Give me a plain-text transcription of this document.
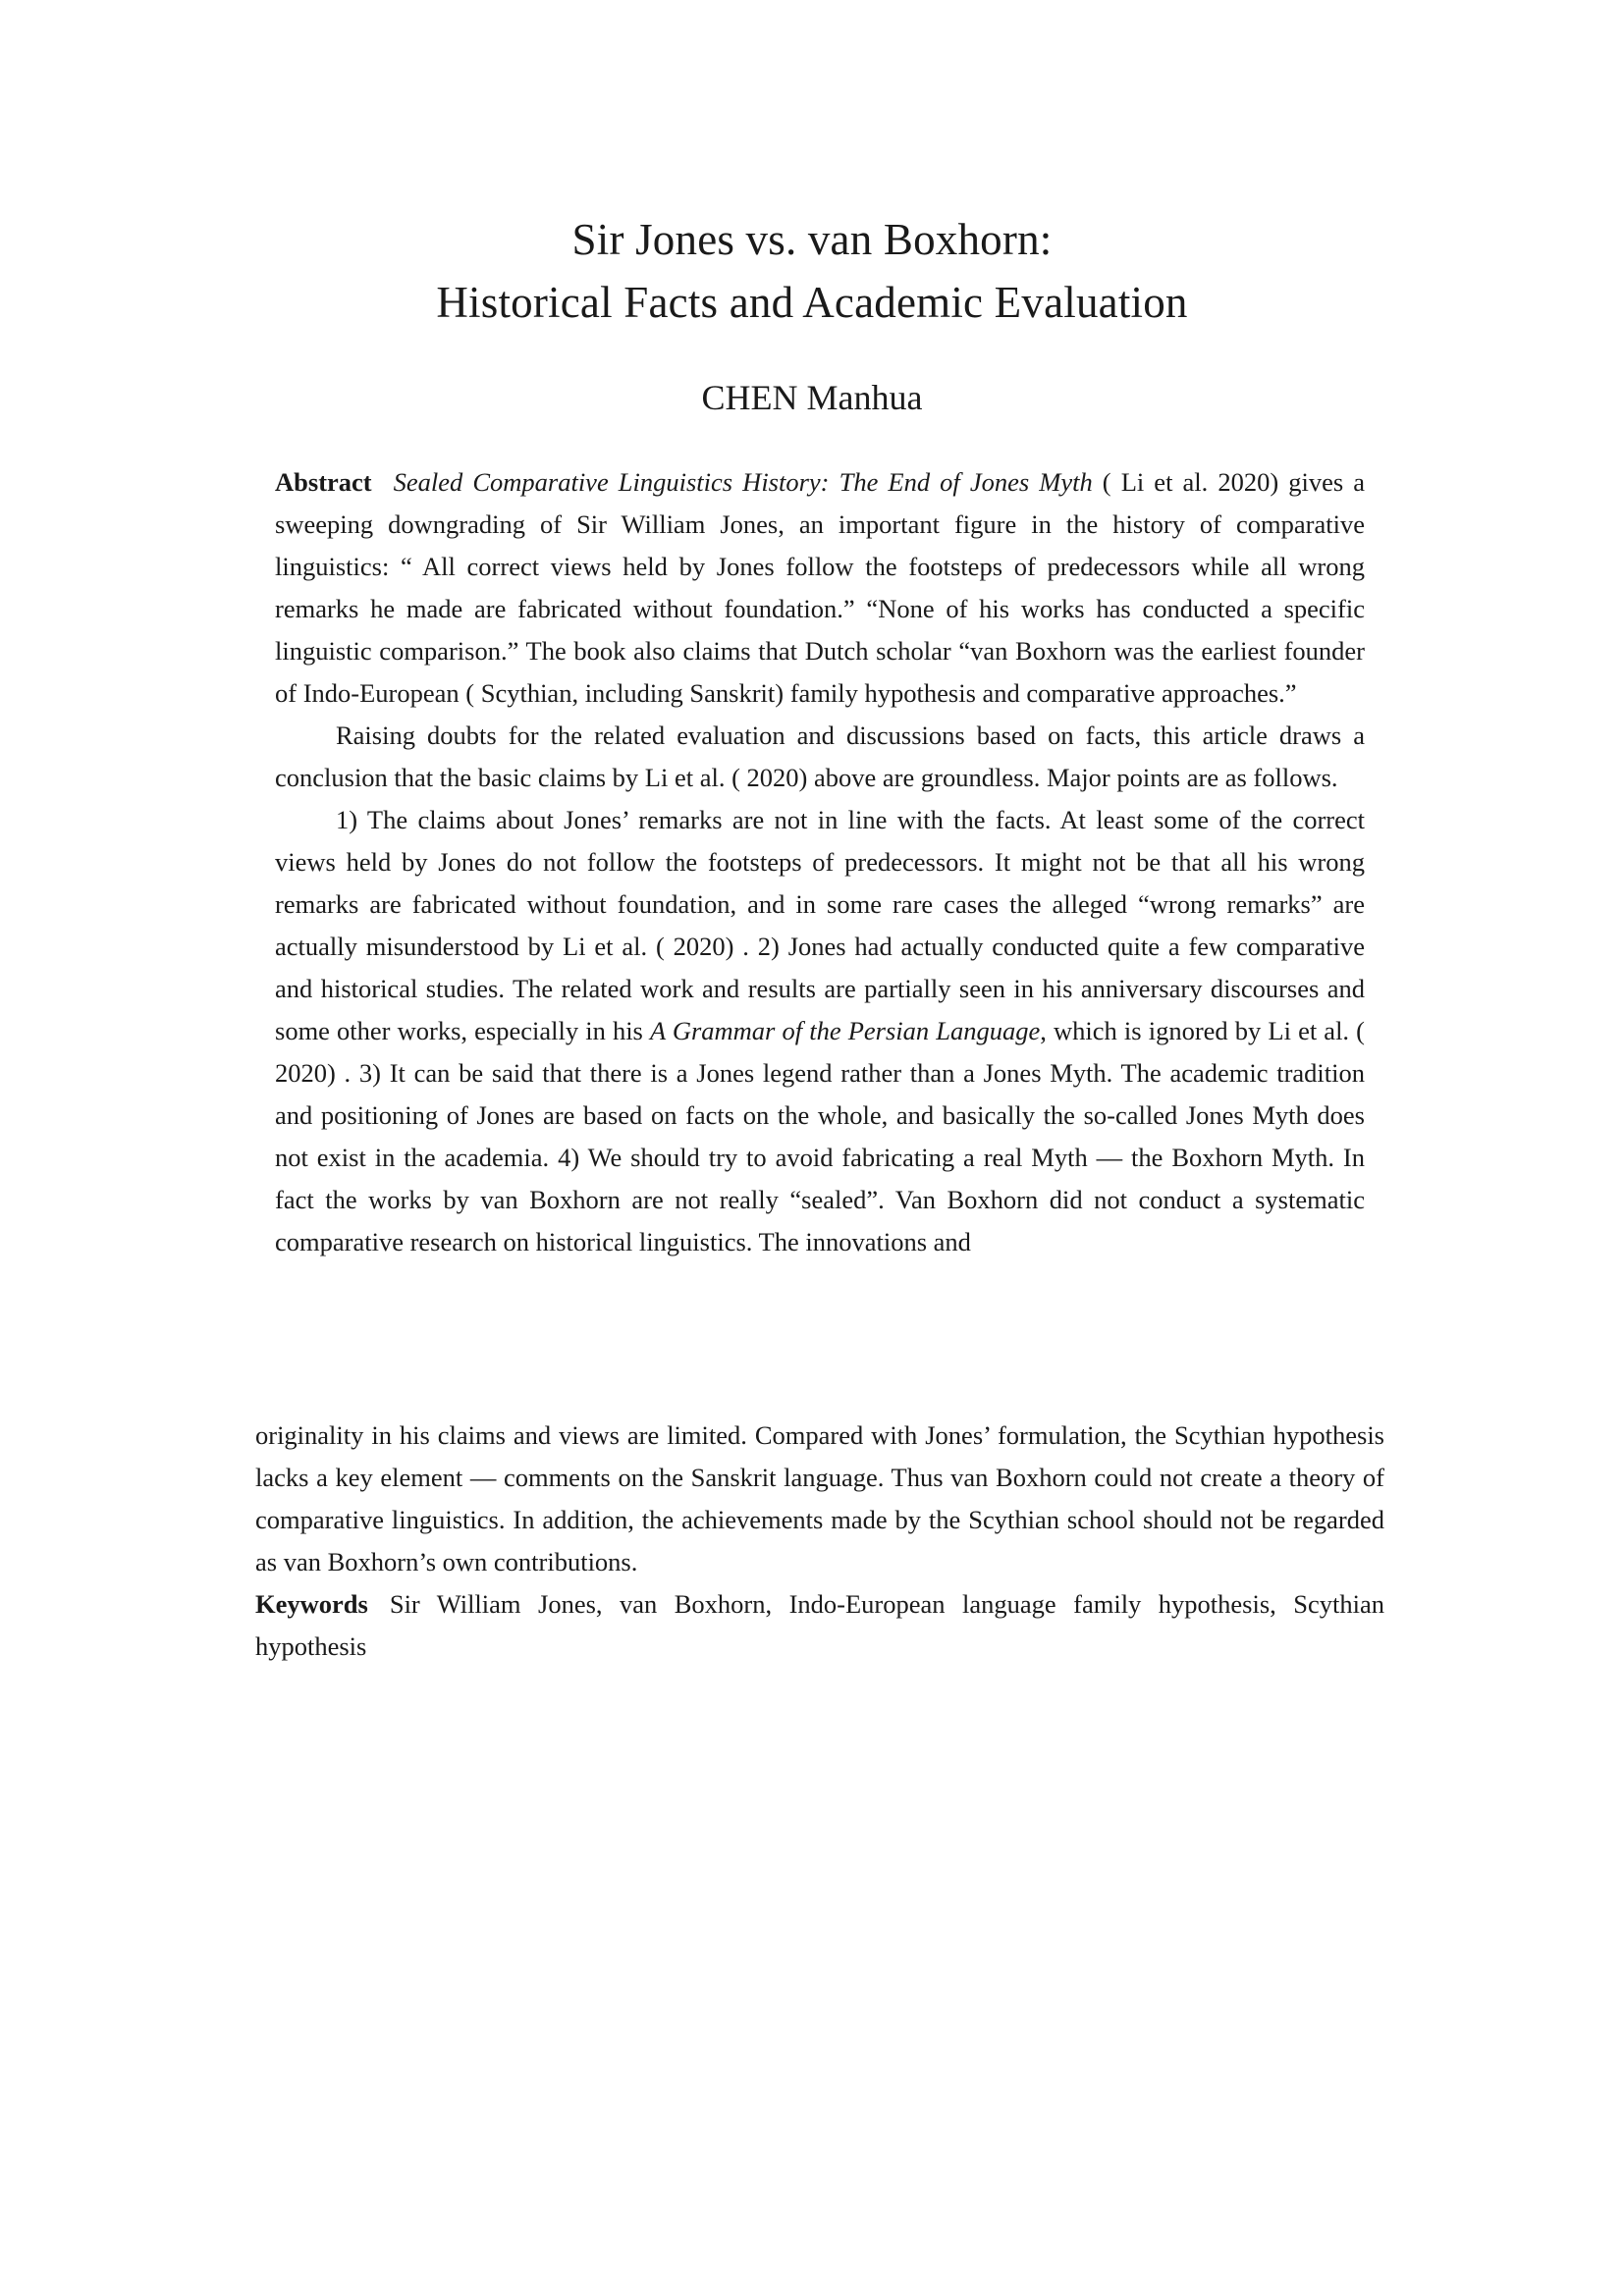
Sir Jones vs. van Boxhorn:
Historical Facts and Academic Evaluation
CHEN Manhua

Abstract Sealed Comparative Linguistics History: The End of Jones Myth ( Li et al. 2020) gives a sweeping downgrading of Sir William Jones, an important figure in the history of comparative linguistics: “ All correct views held by Jones follow the footsteps of predecessors while all wrong remarks he made are fabricated without foundation.” “None of his works has conducted a specific linguistic comparison.” The book also claims that Dutch scholar “van Boxhorn was the earliest founder of Indo-European ( Scythian, including Sanskrit) family hypothesis and comparative approaches.”

Raising doubts for the related evaluation and discussions based on facts, this article draws a conclusion that the basic claims by Li et al. ( 2020) above are groundless. Major points are as follows.

1) The claims about Jones’ remarks are not in line with the facts. At least some of the correct views held by Jones do not follow the footsteps of predecessors. It might not be that all his wrong remarks are fabricated without foundation, and in some rare cases the alleged “wrong remarks” are actually misunderstood by Li et al. ( 2020) . 2) Jones had actually conducted quite a few comparative and historical studies. The related work and results are partially seen in his anniversary discourses and some other works, especially in his A Grammar of the Persian Language, which is ignored by Li et al. ( 2020) . 3) It can be said that there is a Jones legend rather than a Jones Myth. The academic tradition and positioning of Jones are based on facts on the whole, and basically the so-called Jones Myth does not exist in the academia. 4) We should try to avoid fabricating a real Myth — the Boxhorn Myth. In fact the works by van Boxhorn are not really “sealed”. Van Boxhorn did not conduct a systematic comparative research on historical linguistics. The innovations and

originality in his claims and views are limited. Compared with Jones’ formulation, the Scythian hypothesis lacks a key element — comments on the Sanskrit language. Thus van Boxhorn could not create a theory of comparative linguistics. In addition, the achievements made by the Scythian school should not be regarded as van Boxhorn’s own contributions.

Keywords Sir William Jones, van Boxhorn, Indo-European language family hypothesis, Scythian hypothesis
